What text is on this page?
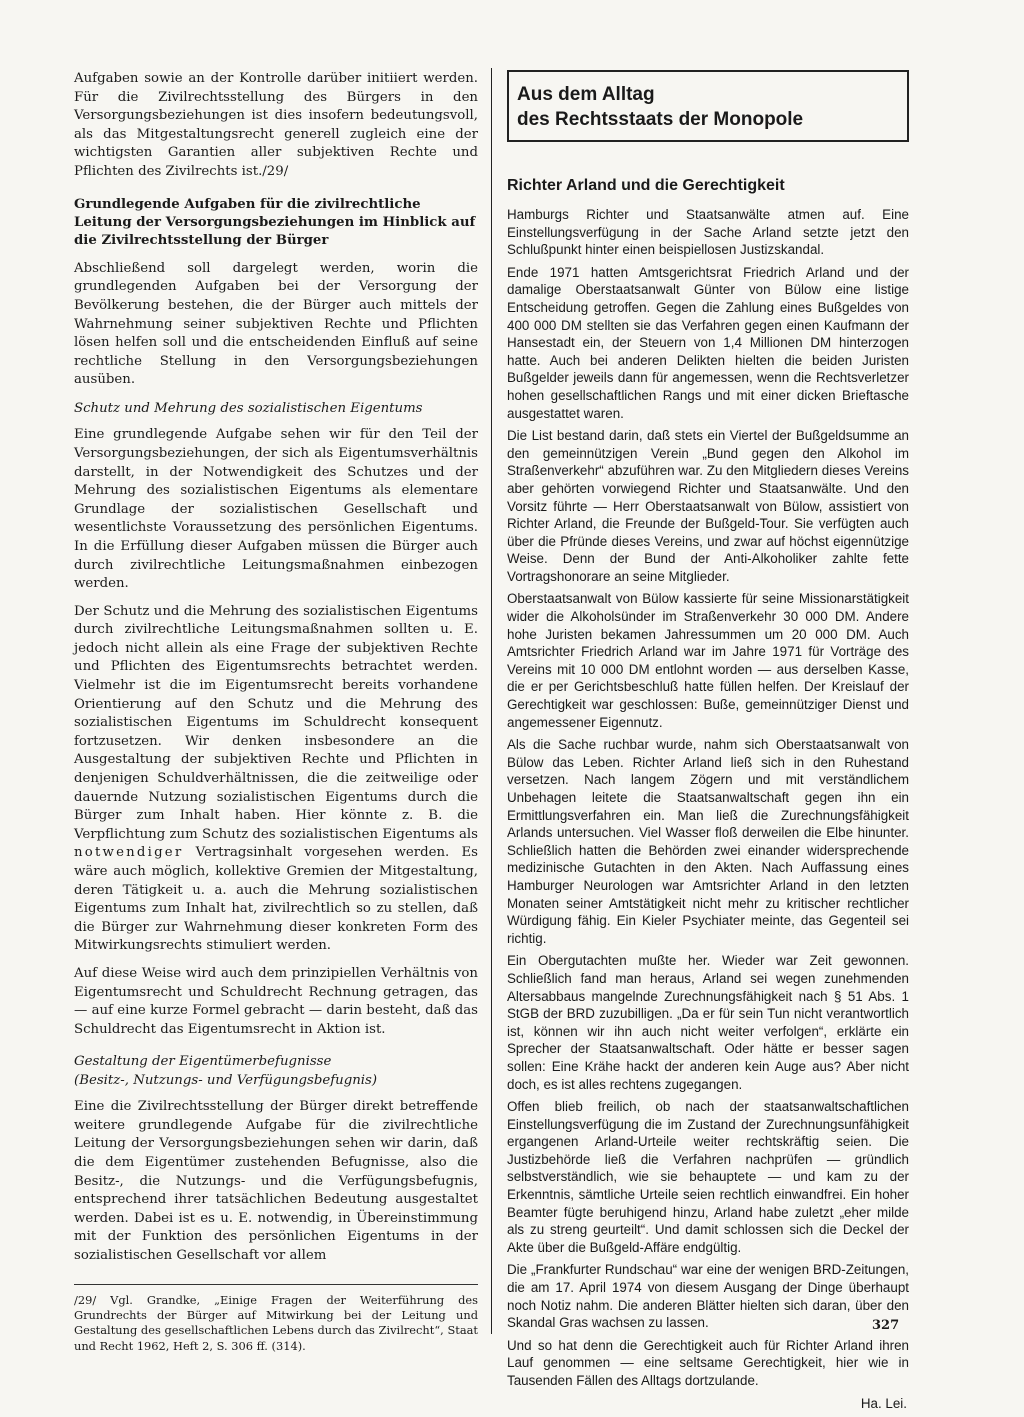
Aufgaben sowie an der Kontrolle darüber initiiert werden. Für die Zivilrechtsstellung des Bürgers in den Versorgungsbeziehungen ist dies insofern bedeutungsvoll, als das Mitgestaltungsrecht generell zugleich eine der wichtigsten Garantien aller subjektiven Rechte und Pflichten des Zivilrechts ist./29/

Grundlegende Aufgaben für die zivilrechtliche Leitung der Versorgungsbeziehungen im Hinblick auf die Zivilrechtsstellung der Bürger

Abschließend soll dargelegt werden, worin die grundlegenden Aufgaben bei der Versorgung der Bevölkerung bestehen, die der Bürger auch mittels der Wahrnehmung seiner subjektiven Rechte und Pflichten lösen helfen soll und die entscheidenden Einfluß auf seine rechtliche Stellung in den Versorgungsbeziehungen ausüben.

Schutz und Mehrung des sozialistischen Eigentums

Eine grundlegende Aufgabe sehen wir für den Teil der Versorgungsbeziehungen, der sich als Eigentumsverhältnis darstellt, in der Notwendigkeit des Schutzes und der Mehrung des sozialistischen Eigentums als elementare Grundlage der sozialistischen Gesellschaft und wesentlichste Voraussetzung des persönlichen Eigentums. In die Erfüllung dieser Aufgaben müssen die Bürger auch durch zivilrechtliche Leitungsmaßnahmen einbezogen werden.

Der Schutz und die Mehrung des sozialistischen Eigentums durch zivilrechtliche Leitungsmaßnahmen sollten u. E. jedoch nicht allein als eine Frage der subjektiven Rechte und Pflichten des Eigentumsrechts betrachtet werden. Vielmehr ist die im Eigentumsrecht bereits vorhandene Orientierung auf den Schutz und die Mehrung des sozialistischen Eigentums im Schuldrecht konsequent fortzusetzen. Wir denken insbesondere an die Ausgestaltung der subjektiven Rechte und Pflichten in denjenigen Schuldverhältnissen, die die zeitweilige oder dauernde Nutzung sozialistischen Eigentums durch die Bürger zum Inhalt haben. Hier könnte z. B. die Verpflichtung zum Schutz des sozialistischen Eigentums als notwendiger Vertragsinhalt vorgesehen werden. Es wäre auch möglich, kollektive Gremien der Mitgestaltung, deren Tätigkeit u. a. auch die Mehrung sozialistischen Eigentums zum Inhalt hat, zivilrechtlich so zu stellen, daß die Bürger zur Wahrnehmung dieser konkreten Form des Mitwirkungsrechts stimuliert werden.

Auf diese Weise wird auch dem prinzipiellen Verhältnis von Eigentumsrecht und Schuldrecht Rechnung getragen, das — auf eine kurze Formel gebracht — darin besteht, daß das Schuldrecht das Eigentumsrecht in Aktion ist.

Gestaltung der Eigentümerbefugnisse
(Besitz-, Nutzungs- und Verfügungsbefugnis)

Eine die Zivilrechtsstellung der Bürger direkt betreffende weitere grundlegende Aufgabe für die zivilrechtliche Leitung der Versorgungsbeziehungen sehen wir darin, daß die dem Eigentümer zustehenden Befugnisse, also die Besitz-, die Nutzungs- und die Verfügungsbefugnis, entsprechend ihrer tatsächlichen Bedeutung ausgestaltet werden. Dabei ist es u. E. notwendig, in Übereinstimmung mit der Funktion des persönlichen Eigentums in der sozialistischen Gesellschaft vor allem

/29/ Vgl. Grandke, „Einige Fragen der Weiterführung des Grundrechts der Bürger auf Mitwirkung bei der Leitung und Gestaltung des gesellschaftlichen Lebens durch das Zivilrecht“, Staat und Recht 1962, Heft 2, S. 306 ff. (314).

Aus dem Alltag
des Rechtsstaats der Monopole
Richter Arland und die Gerechtigkeit

Hamburgs Richter und Staatsanwälte atmen auf. Eine Einstellungsverfügung in der Sache Arland setzte jetzt den Schlußpunkt hinter einen beispiellosen Justizskandal.

Ende 1971 hatten Amtsgerichtsrat Friedrich Arland und der damalige Oberstaatsanwalt Günter von Bülow eine listige Entscheidung getroffen. Gegen die Zahlung eines Bußgeldes von 400 000 DM stellten sie das Verfahren gegen einen Kaufmann der Hansestadt ein, der Steuern von 1,4 Millionen DM hinterzogen hatte. Auch bei anderen Delikten hielten die beiden Juristen Bußgelder jeweils dann für angemessen, wenn die Rechtsverletzer hohen gesellschaftlichen Rangs und mit einer dicken Brieftasche ausgestattet waren.

Die List bestand darin, daß stets ein Viertel der Bußgeldsumme an den gemeinnützigen Verein „Bund gegen den Alkohol im Straßenverkehr“ abzuführen war. Zu den Mitgliedern dieses Vereins aber gehörten vorwiegend Richter und Staatsanwälte. Und den Vorsitz führte — Herr Oberstaatsanwalt von Bülow, assistiert von Richter Arland, die Freunde der Bußgeld-Tour. Sie verfügten auch über die Pfründe dieses Vereins, und zwar auf höchst eigennützige Weise. Denn der Bund der Anti-Alkoholiker zahlte fette Vortragshonorare an seine Mitglieder.

Oberstaatsanwalt von Bülow kassierte für seine Missionarstätigkeit wider die Alkoholsünder im Straßenverkehr 30 000 DM. Andere hohe Juristen bekamen Jahressummen um 20 000 DM. Auch Amtsrichter Friedrich Arland war im Jahre 1971 für Vorträge des Vereins mit 10 000 DM entlohnt worden — aus derselben Kasse, die er per Gerichtsbeschluß hatte füllen helfen. Der Kreislauf der Gerechtigkeit war geschlossen: Buße, gemeinnütziger Dienst und angemessener Eigennutz.

Als die Sache ruchbar wurde, nahm sich Oberstaatsanwalt von Bülow das Leben. Richter Arland ließ sich in den Ruhestand versetzen. Nach langem Zögern und mit verständlichem Unbehagen leitete die Staatsanwaltschaft gegen ihn ein Ermittlungsverfahren ein. Man ließ die Zurechnungsfähigkeit Arlands untersuchen. Viel Wasser floß derweilen die Elbe hinunter. Schließlich hatten die Behörden zwei einander widersprechende medizinische Gutachten in den Akten. Nach Auffassung eines Hamburger Neurologen war Amtsrichter Arland in den letzten Monaten seiner Amtstätigkeit nicht mehr zu kritischer rechtlicher Würdigung fähig. Ein Kieler Psychiater meinte, das Gegenteil sei richtig.

Ein Obergutachten mußte her. Wieder war Zeit gewonnen. Schließlich fand man heraus, Arland sei wegen zunehmenden Altersabbaus mangelnde Zurechnungsfähigkeit nach § 51 Abs. 1 StGB der BRD zuzubilligen. „Da er für sein Tun nicht verantwortlich ist, können wir ihn auch nicht weiter verfolgen“, erklärte ein Sprecher der Staatsanwaltschaft. Oder hätte er besser sagen sollen: Eine Krähe hackt der anderen kein Auge aus? Aber nicht doch, es ist alles rechtens zugegangen.

Offen blieb freilich, ob nach der staatsanwaltschaftlichen Einstellungsverfügung die im Zustand der Zurechnungsunfähigkeit ergangenen Arland-Urteile weiter rechtskräftig seien. Die Justizbehörde ließ die Verfahren nachprüfen — gründlich selbstverständlich, wie sie behauptete — und kam zu der Erkenntnis, sämtliche Urteile seien rechtlich einwandfrei. Ein hoher Beamter fügte beruhigend hinzu, Arland habe zuletzt „eher milde als zu streng geurteilt“. Und damit schlossen sich die Deckel der Akte über die Bußgeld-Affäre endgültig.

Die „Frankfurter Rundschau“ war eine der wenigen BRD-Zeitungen, die am 17. April 1974 von diesem Ausgang der Dinge überhaupt noch Notiz nahm. Die anderen Blätter hielten sich daran, über den Skandal Gras wachsen zu lassen.

Und so hat denn die Gerechtigkeit auch für Richter Arland ihren Lauf genommen — eine seltsame Gerechtigkeit, hier wie in Tausenden Fällen des Alltags dortzulande.

Ha. Lei.

327
